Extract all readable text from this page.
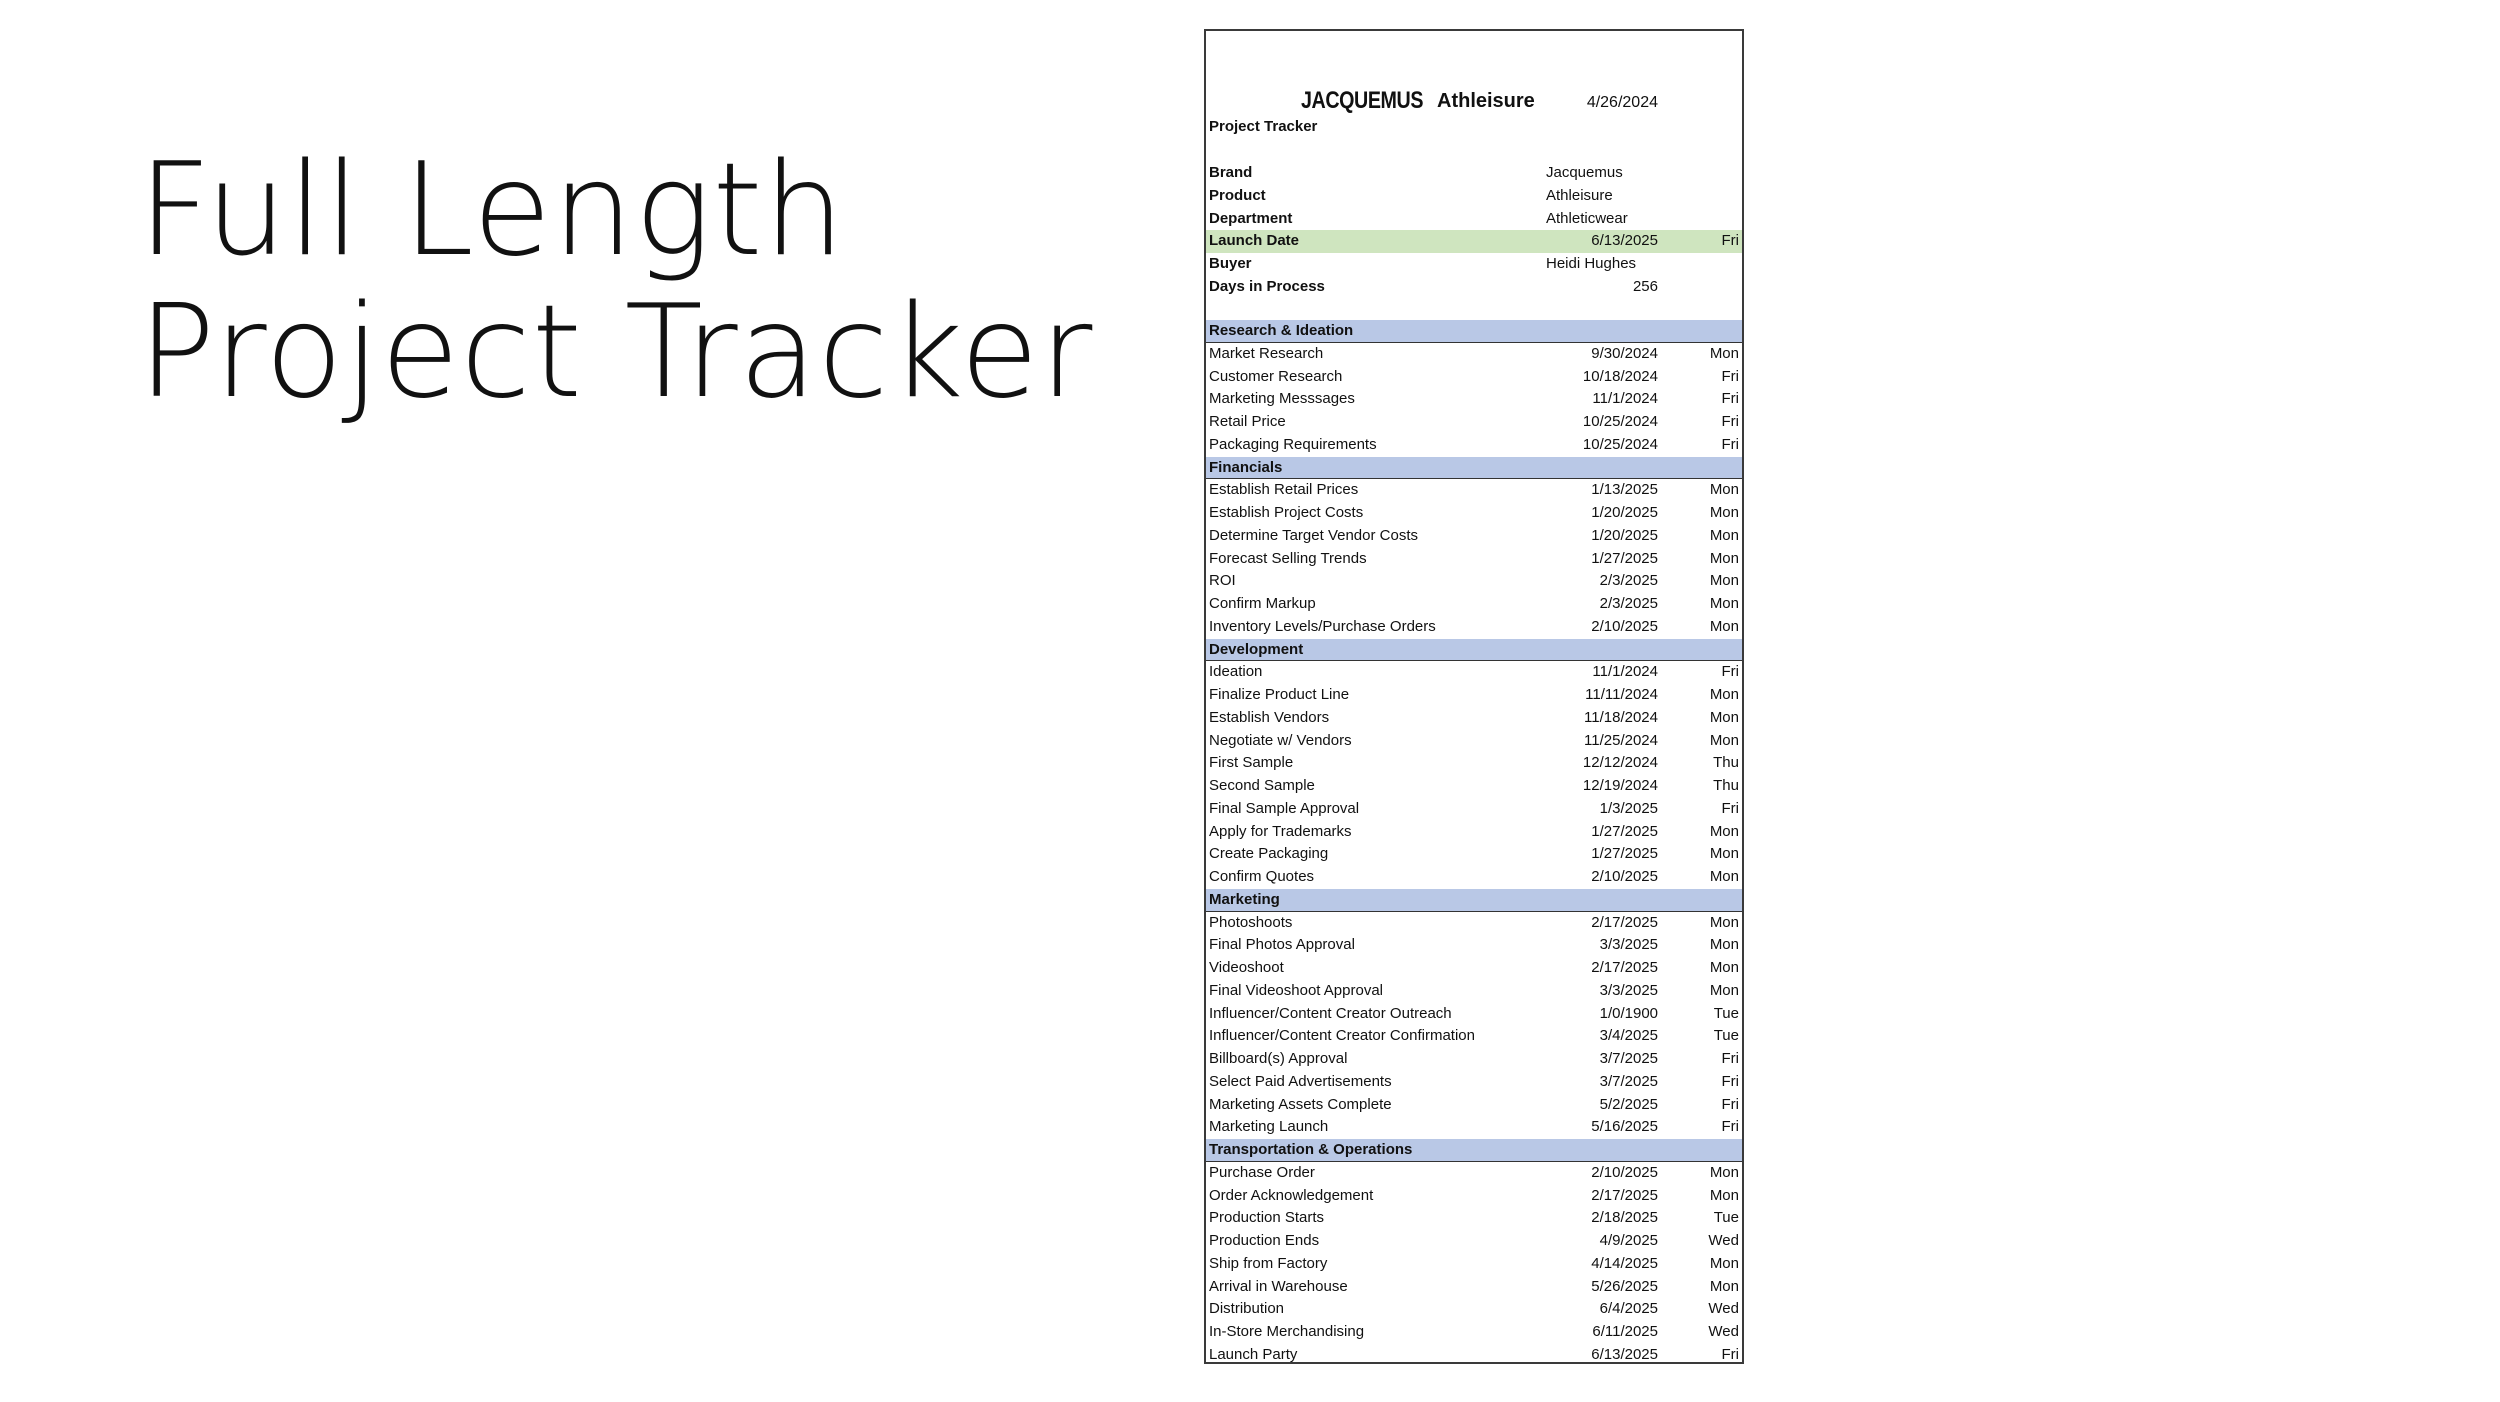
Full Length
Project Tracker
JACQUEMUS Athleisure	4/26/2024
Project Tracker
Brand	Jacquemus
Product	Athleisure
Department	Athleticwear
Launch Date	6/13/2025	Fri
Buyer	Heidi Hughes
Days in Process	256
Research & Ideation
Market Research	9/30/2024	Mon
Customer Research	10/18/2024	Fri
Marketing Messsages	11/1/2024	Fri
Retail Price	10/25/2024	Fri
Packaging Requirements	10/25/2024	Fri
Financials
Establish Retail Prices	1/13/2025	Mon
Establish Project Costs	1/20/2025	Mon
Determine Target Vendor Costs	1/20/2025	Mon
Forecast Selling Trends	1/27/2025	Mon
ROI	2/3/2025	Mon
Confirm Markup	2/3/2025	Mon
Inventory Levels/Purchase Orders	2/10/2025	Mon
Development
Ideation	11/1/2024	Fri
Finalize Product Line	11/11/2024	Mon
Establish Vendors	11/18/2024	Mon
Negotiate w/ Vendors	11/25/2024	Mon
First Sample	12/12/2024	Thu
Second Sample	12/19/2024	Thu
Final Sample Approval	1/3/2025	Fri
Apply for Trademarks	1/27/2025	Mon
Create Packaging	1/27/2025	Mon
Confirm Quotes	2/10/2025	Mon
Marketing
Photoshoots	2/17/2025	Mon
Final Photos Approval	3/3/2025	Mon
Videoshoot	2/17/2025	Mon
Final Videoshoot Approval	3/3/2025	Mon
Influencer/Content Creator Outreach	1/0/1900	Tue
Influencer/Content Creator Confirmation	3/4/2025	Tue
Billboard(s) Approval	3/7/2025	Fri
Select Paid Advertisements	3/7/2025	Fri
Marketing Assets Complete	5/2/2025	Fri
Marketing Launch	5/16/2025	Fri
Transportation & Operations
Purchase Order	2/10/2025	Mon
Order Acknowledgement	2/17/2025	Mon
Production Starts	2/18/2025	Tue
Production Ends	4/9/2025	Wed
Ship from Factory	4/14/2025	Mon
Arrival in Warehouse	5/26/2025	Mon
Distribution	6/4/2025	Wed
In-Store Merchandising	6/11/2025	Wed
Launch Party	6/13/2025	Fri
